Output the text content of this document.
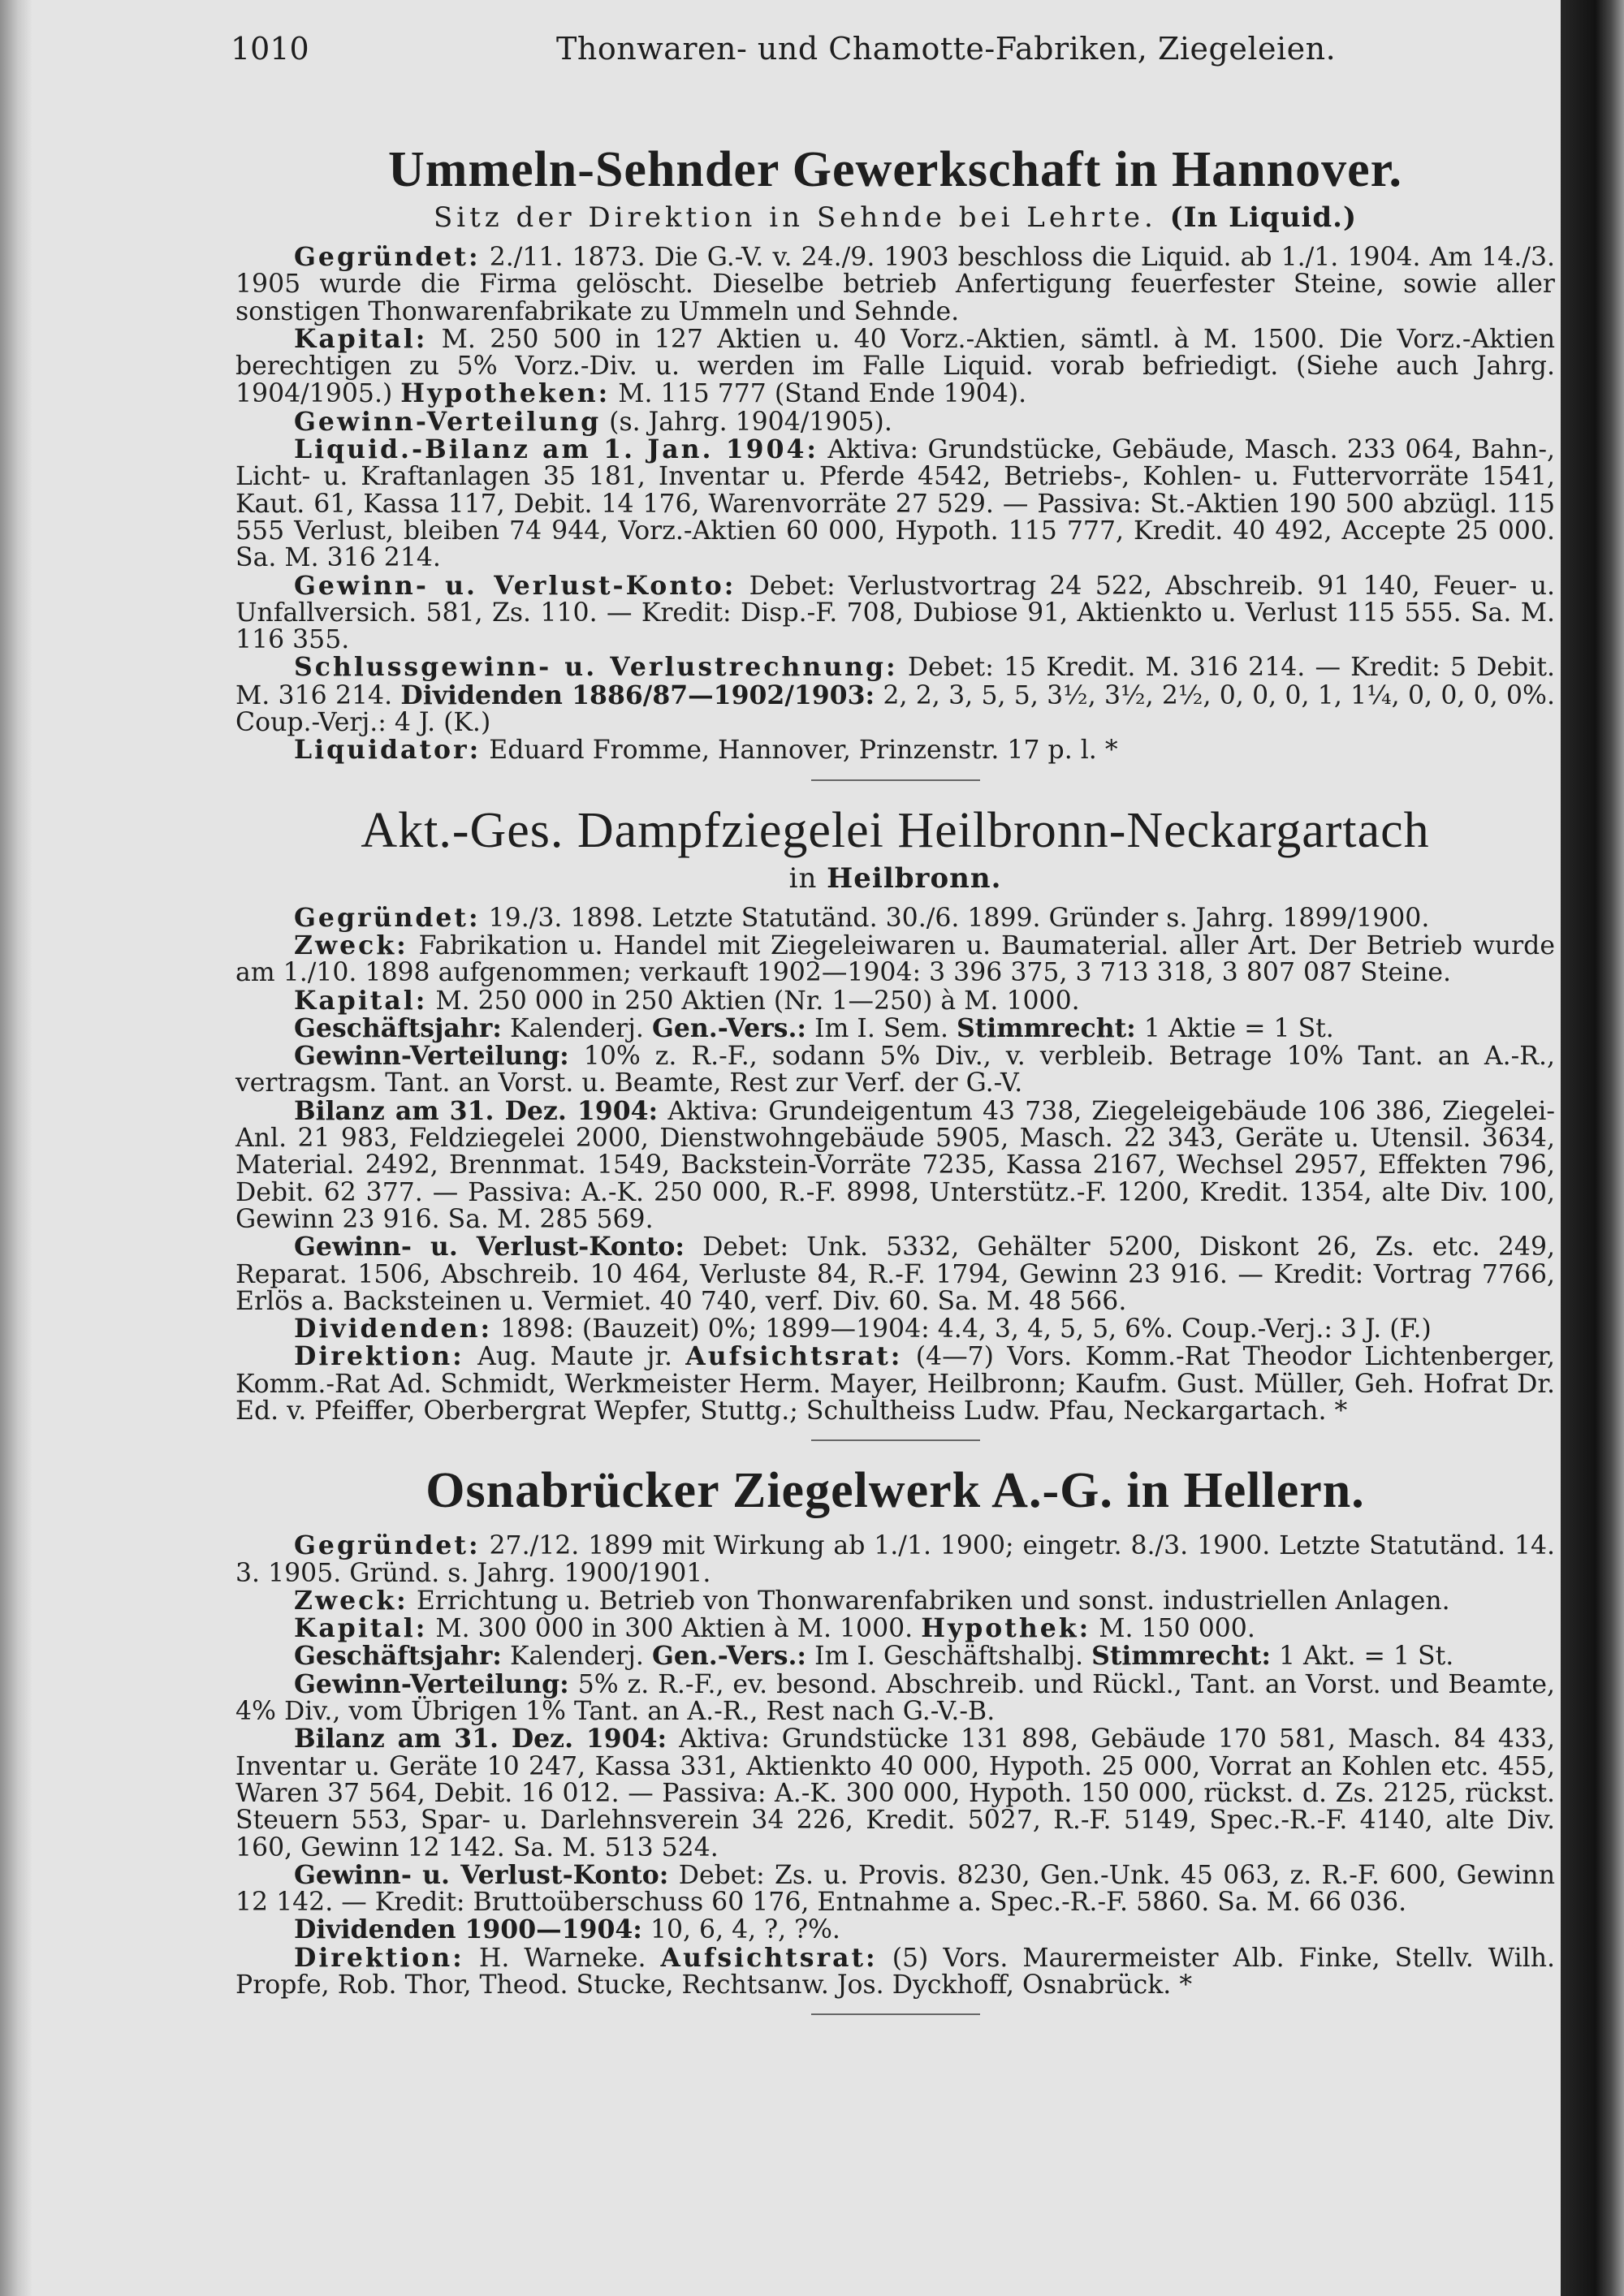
1010	Thonwaren- und Chamotte-Fabriken, Ziegeleien.
Ummeln-Sehnder Gewerkschaft in Hannover.
Sitz der Direktion in Sehnde bei Lehrte. (In Liquid.)

Gegründet: 2./11. 1873. Die G.-V. v. 24./9. 1903 beschloss die Liquid. ab 1./1. 1904. Am 14./3. 1905 wurde die Firma gelöscht. Dieselbe betrieb Anfertigung feuerfester Steine, sowie aller sonstigen Thonwarenfabrikate zu Ummeln und Sehnde.

Kapital: M. 250 500 in 127 Aktien u. 40 Vorz.-Aktien, sämtl. à M. 1500. Die Vorz.-Aktien berechtigen zu 5% Vorz.-Div. u. werden im Falle Liquid. vorab befriedigt. (Siehe auch Jahrg. 1904/1905.) Hypotheken: M. 115 777 (Stand Ende 1904).

Gewinn-Verteilung (s. Jahrg. 1904/1905).

Liquid.-Bilanz am 1. Jan. 1904: Aktiva: Grundstücke, Gebäude, Masch. 233 064, Bahn-, Licht- u. Kraftanlagen 35 181, Inventar u. Pferde 4542, Betriebs-, Kohlen- u. Futtervorräte 1541, Kaut. 61, Kassa 117, Debit. 14 176, Warenvorräte 27 529. — Passiva: St.-Aktien 190 500 abzügl. 115 555 Verlust, bleiben 74 944, Vorz.-Aktien 60 000, Hypoth. 115 777, Kredit. 40 492, Accepte 25 000. Sa. M. 316 214.

Gewinn- u. Verlust-Konto: Debet: Verlustvortrag 24 522, Abschreib. 91 140, Feuer- u. Unfallversich. 581, Zs. 110. — Kredit: Disp.-F. 708, Dubiose 91, Aktienkto u. Verlust 115 555. Sa. M. 116 355.

Schlussgewinn- u. Verlustrechnung: Debet: 15 Kredit. M. 316 214. — Kredit: 5 Debit. M. 316 214. Dividenden 1886/87—1902/1903: 2, 2, 3, 5, 5, 3½, 3½, 2½, 0, 0, 0, 1, 1¼, 0, 0, 0, 0%. Coup.-Verj.: 4 J. (K.)

Liquidator: Eduard Fromme, Hannover, Prinzenstr. 17 p. l. *

Akt.-Ges. Dampfziegelei Heilbronn-Neckargartach
in Heilbronn.

Gegründet: 19./3. 1898. Letzte Statutänd. 30./6. 1899. Gründer s. Jahrg. 1899/1900.

Zweck: Fabrikation u. Handel mit Ziegeleiwaren u. Baumaterial. aller Art. Der Betrieb wurde am 1./10. 1898 aufgenommen; verkauft 1902—1904: 3 396 375, 3 713 318, 3 807 087 Steine.

Kapital: M. 250 000 in 250 Aktien (Nr. 1—250) à M. 1000.

Geschäftsjahr: Kalenderj. Gen.-Vers.: Im I. Sem. Stimmrecht: 1 Aktie = 1 St.

Gewinn-Verteilung: 10% z. R.-F., sodann 5% Div., v. verbleib. Betrage 10% Tant. an A.-R., vertragsm. Tant. an Vorst. u. Beamte, Rest zur Verf. der G.-V.

Bilanz am 31. Dez. 1904: Aktiva: Grundeigentum 43 738, Ziegeleigebäude 106 386, Ziegelei-Anl. 21 983, Feldziegelei 2000, Dienstwohngebäude 5905, Masch. 22 343, Geräte u. Utensil. 3634, Material. 2492, Brennmat. 1549, Backstein-Vorräte 7235, Kassa 2167, Wechsel 2957, Effekten 796, Debit. 62 377. — Passiva: A.-K. 250 000, R.-F. 8998, Unterstütz.-F. 1200, Kredit. 1354, alte Div. 100, Gewinn 23 916. Sa. M. 285 569.

Gewinn- u. Verlust-Konto: Debet: Unk. 5332, Gehälter 5200, Diskont 26, Zs. etc. 249, Reparat. 1506, Abschreib. 10 464, Verluste 84, R.-F. 1794, Gewinn 23 916. — Kredit: Vortrag 7766, Erlös a. Backsteinen u. Vermiet. 40 740, verf. Div. 60. Sa. M. 48 566.

Dividenden: 1898: (Bauzeit) 0%; 1899—1904: 4.4, 3, 4, 5, 5, 6%. Coup.-Verj.: 3 J. (F.)

Direktion: Aug. Maute jr. Aufsichtsrat: (4—7) Vors. Komm.-Rat Theodor Lichtenberger, Komm.-Rat Ad. Schmidt, Werkmeister Herm. Mayer, Heilbronn; Kaufm. Gust. Müller, Geh. Hofrat Dr. Ed. v. Pfeiffer, Oberbergrat Wepfer, Stuttg.; Schultheiss Ludw. Pfau, Neckargartach. *

Osnabrücker Ziegelwerk A.-G. in Hellern.

Gegründet: 27./12. 1899 mit Wirkung ab 1./1. 1900; eingetr. 8./3. 1900. Letzte Statutänd. 14. 3. 1905. Gründ. s. Jahrg. 1900/1901.

Zweck: Errichtung u. Betrieb von Thonwarenfabriken und sonst. industriellen Anlagen.

Kapital: M. 300 000 in 300 Aktien à M. 1000. Hypothek: M. 150 000.

Geschäftsjahr: Kalenderj. Gen.-Vers.: Im I. Geschäftshalbj. Stimmrecht: 1 Akt. = 1 St.

Gewinn-Verteilung: 5% z. R.-F., ev. besond. Abschreib. und Rückl., Tant. an Vorst. und Beamte, 4% Div., vom Übrigen 1% Tant. an A.-R., Rest nach G.-V.-B.

Bilanz am 31. Dez. 1904: Aktiva: Grundstücke 131 898, Gebäude 170 581, Masch. 84 433, Inventar u. Geräte 10 247, Kassa 331, Aktienkto 40 000, Hypoth. 25 000, Vorrat an Kohlen etc. 455, Waren 37 564, Debit. 16 012. — Passiva: A.-K. 300 000, Hypoth. 150 000, rückst. d. Zs. 2125, rückst. Steuern 553, Spar- u. Darlehnsverein 34 226, Kredit. 5027, R.-F. 5149, Spec.-R.-F. 4140, alte Div. 160, Gewinn 12 142. Sa. M. 513 524.

Gewinn- u. Verlust-Konto: Debet: Zs. u. Provis. 8230, Gen.-Unk. 45 063, z. R.-F. 600, Gewinn 12 142. — Kredit: Bruttoüberschuss 60 176, Entnahme a. Spec.-R.-F. 5860. Sa. M. 66 036.

Dividenden 1900—1904: 10, 6, 4, ?, ?%.

Direktion: H. Warneke. Aufsichtsrat: (5) Vors. Maurermeister Alb. Finke, Stellv. Wilh. Propfe, Rob. Thor, Theod. Stucke, Rechtsanw. Jos. Dyckhoff, Osnabrück. *
